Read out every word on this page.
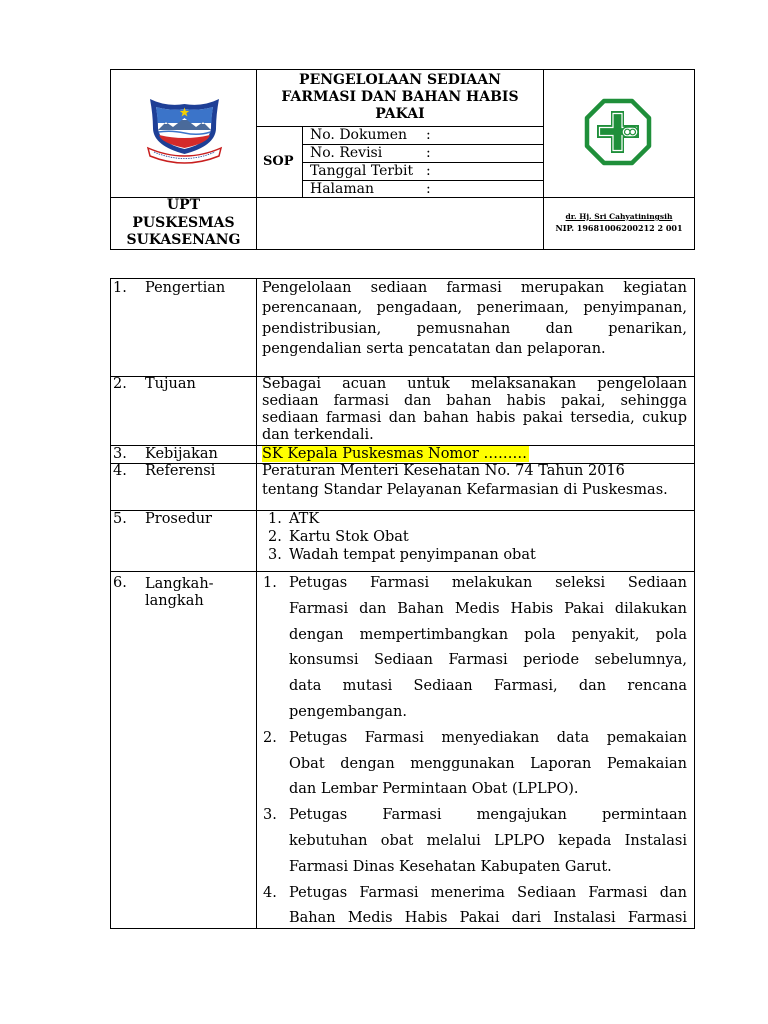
PENGELOLAAN SEDIAAN
FARMASI DAN BAHAN HABIS
PAKAI
SOP
No. Dokumen :
No. Revisi	:
Tanggal Terbit :
Halaman	:
UPT
PUSKESMAS
SUKASENANG
dr. Hj. Sri Cahyatiningsih
NIP. 19681006200212 2 001
1. Pengertian	Pengelolaan sediaan farmasi merupakan kegiatan
perencanaan, pengadaan, penerimaan, penyimpanan,
pendistribusian, pemusnahan dan penarikan,
pengendalian serta pencatatan dan pelaporan.
2. Tujuan	Sebagai acuan untuk melaksanakan pengelolaan
sediaan farmasi dan bahan habis pakai, sehingga
sediaan farmasi dan bahan habis pakai tersedia, cukup
dan terkendali.
3. Kebijakan	SK Kepala Puskesmas Nomor ………
4. Referensi	Peraturan Menteri Kesehatan No. 74 Tahun 2016
tentang Standar Pelayanan Kefarmasian di Puskesmas.
5. Prosedur	1. ATK
2. Kartu Stok Obat
3. Wadah tempat penyimpanan obat
6. Langkah-langkah
1. Petugas Farmasi melakukan seleksi Sediaan
Farmasi dan Bahan Medis Habis Pakai dilakukan
dengan mempertimbangkan pola penyakit, pola
konsumsi Sediaan Farmasi periode sebelumnya,
data mutasi Sediaan Farmasi, dan rencana
pengembangan.
2. Petugas Farmasi menyediakan data pemakaian
Obat dengan menggunakan Laporan Pemakaian
dan Lembar Permintaan Obat (LPLPO).
3. Petugas Farmasi mengajukan permintaan
kebutuhan obat melalui LPLPO kepada Instalasi
Farmasi Dinas Kesehatan Kabupaten Garut.
4. Petugas Farmasi menerima Sediaan Farmasi dan
Bahan Medis Habis Pakai dari Instalasi Farmasi
